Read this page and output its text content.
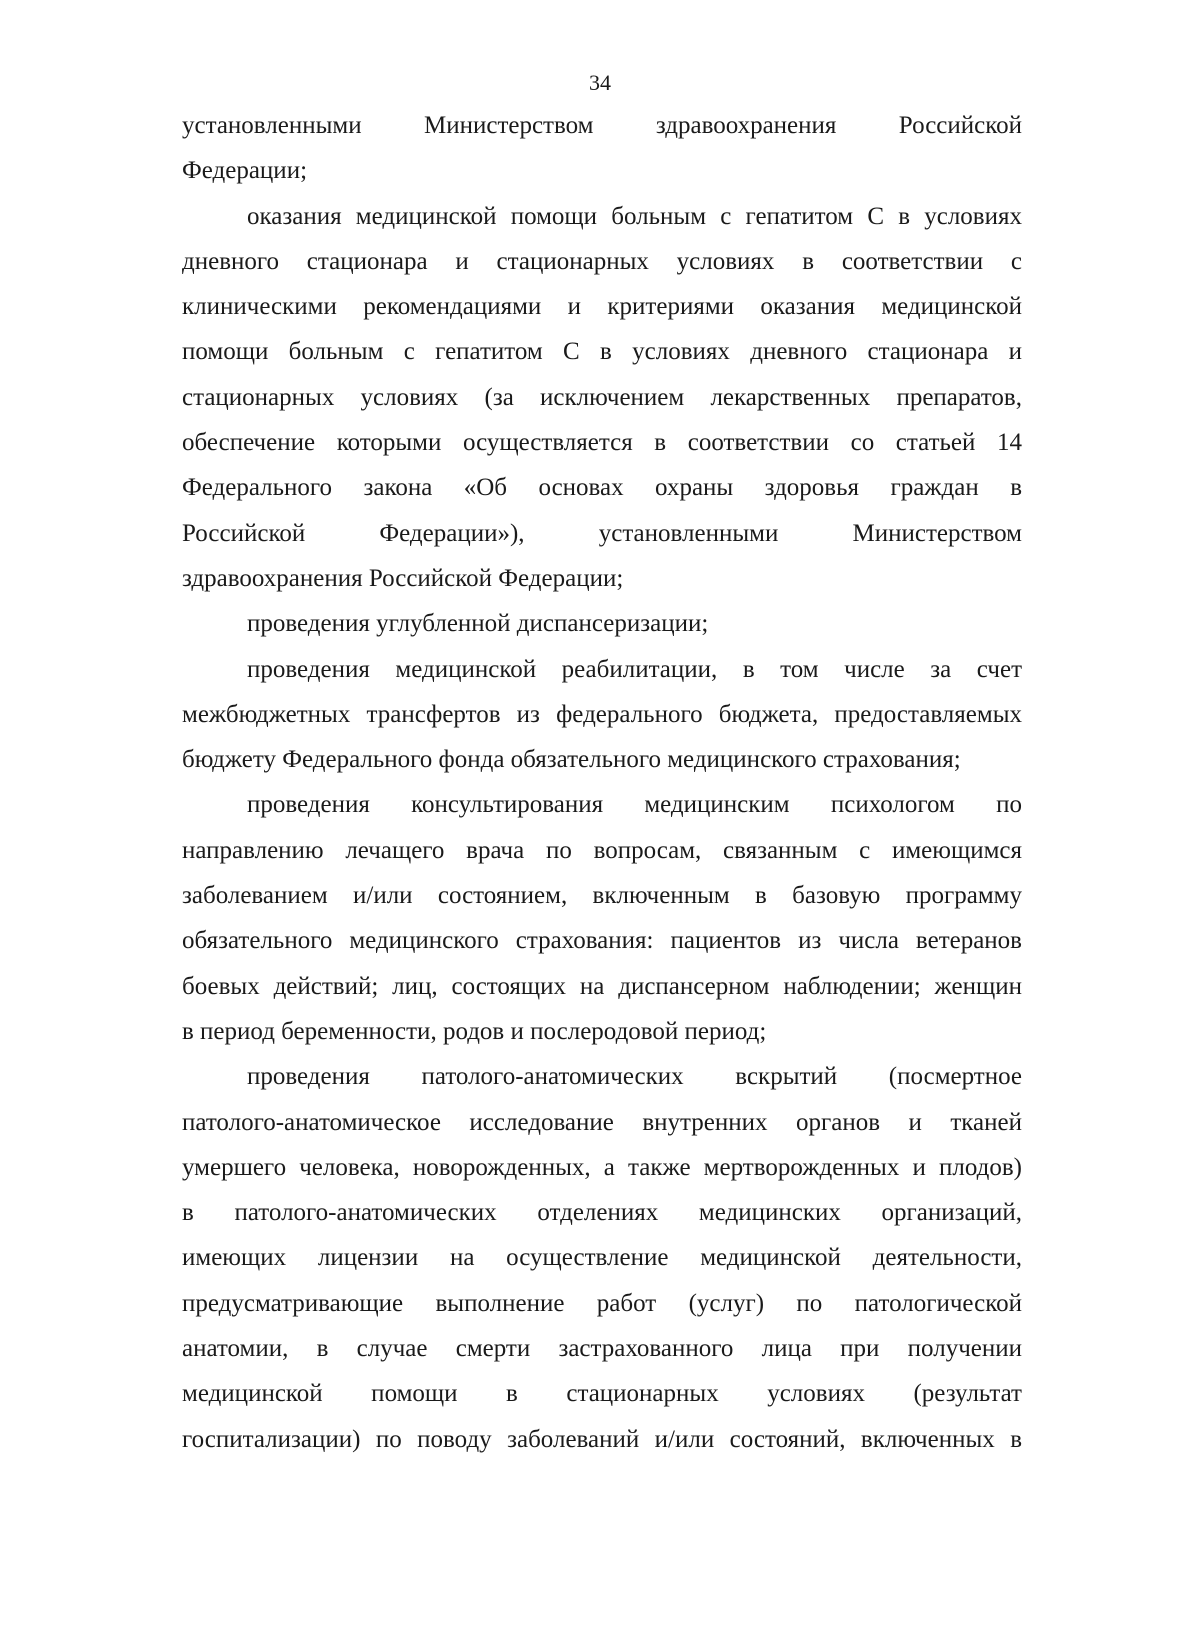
34
установленными Министерством здравоохранения Российской
Федерации;
оказания медицинской помощи больным с гепатитом С в условиях
дневного стационара и стационарных условиях в соответствии с
клиническими рекомендациями и критериями оказания медицинской
помощи больным с гепатитом С в условиях дневного стационара и
стационарных условиях (за исключением лекарственных препаратов,
обеспечение которыми осуществляется в соответствии со статьей 14
Федерального закона «Об основах охраны здоровья граждан в
Российской Федерации»), установленными Министерством
здравоохранения Российской Федерации;
проведения углубленной диспансеризации;
проведения медицинской реабилитации, в том числе за счет
межбюджетных трансфертов из федерального бюджета, предоставляемых
бюджету Федерального фонда обязательного медицинского страхования;
проведения консультирования медицинским психологом по
направлению лечащего врача по вопросам, связанным с имеющимся
заболеванием и/или состоянием, включенным в базовую программу
обязательного медицинского страхования: пациентов из числа ветеранов
боевых действий; лиц, состоящих на диспансерном наблюдении; женщин
в период беременности, родов и послеродовой период;
проведения патолого-анатомических вскрытий (посмертное
патолого-анатомическое исследование внутренних органов и тканей
умершего человека, новорожденных, а также мертворожденных и плодов)
в патолого-анатомических отделениях медицинских организаций,
имеющих лицензии на осуществление медицинской деятельности,
предусматривающие выполнение работ (услуг) по патологической
анатомии, в случае смерти застрахованного лица при получении
медицинской помощи в стационарных условиях (результат
госпитализации) по поводу заболеваний и/или состояний, включенных в
